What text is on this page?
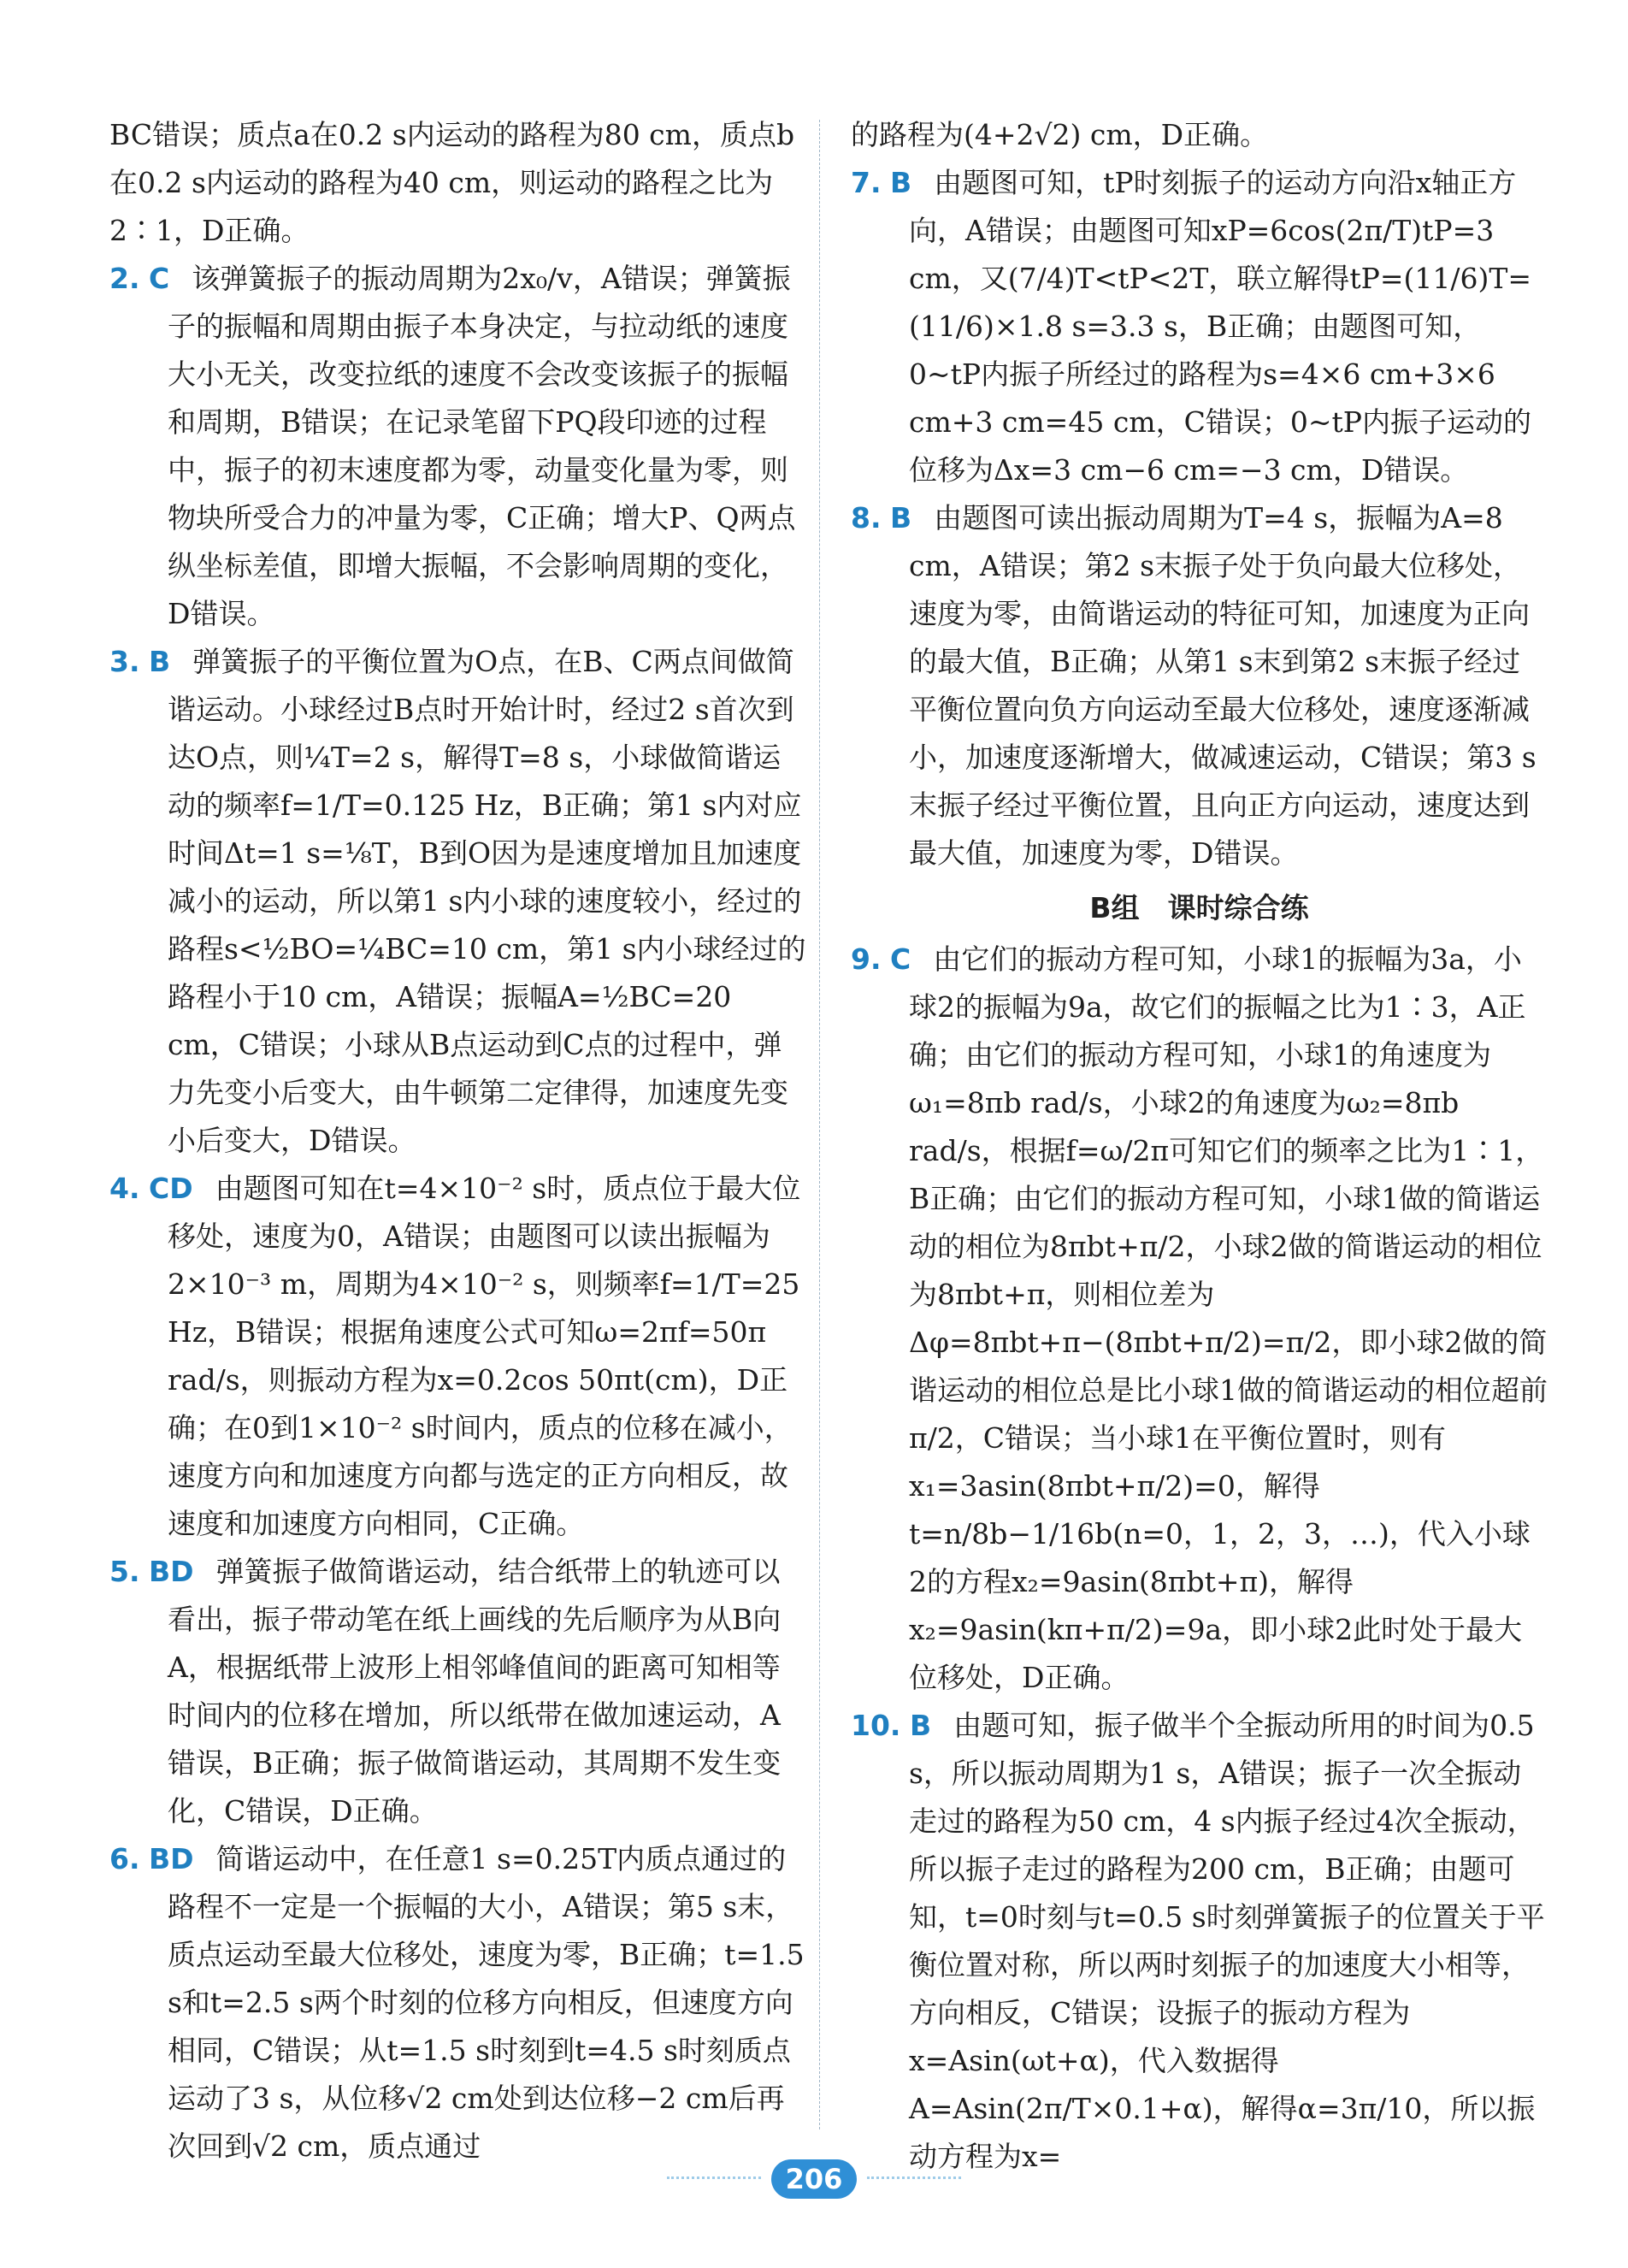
BC错误；质点a在0.2 s内运动的路程为80 cm，质点b在0.2 s内运动的路程为40 cm，则运动的路程之比为2∶1，D正确。

2. C 该弹簧振子的振动周期为2x₀/v，A错误；弹簧振子的振幅和周期由振子本身决定，与拉动纸的速度大小无关，改变拉纸的速度不会改变该振子的振幅和周期，B错误；在记录笔留下PQ段印迹的过程中，振子的初末速度都为零，动量变化量为零，则物块所受合力的冲量为零，C正确；增大P、Q两点纵坐标差值，即增大振幅，不会影响周期的变化，D错误。

3. B 弹簧振子的平衡位置为O点，在B、C两点间做简谐运动。小球经过B点时开始计时，经过2 s首次到达O点，则¼T=2 s，解得T=8 s，小球做简谐运动的频率f=1/T=0.125 Hz，B正确；第1 s内对应时间Δt=1 s=⅛T，B到O因为是速度增加且加速度减小的运动，所以第1 s内小球的速度较小，经过的路程s<½BO=¼BC=10 cm，第1 s内小球经过的路程小于10 cm，A错误；振幅A=½BC=20 cm，C错误；小球从B点运动到C点的过程中，弹力先变小后变大，由牛顿第二定律得，加速度先变小后变大，D错误。

4. CD 由题图可知在t=4×10⁻² s时，质点位于最大位移处，速度为0，A错误；由题图可以读出振幅为2×10⁻³ m，周期为4×10⁻² s，则频率f=1/T=25 Hz，B错误；根据角速度公式可知ω=2πf=50π rad/s，则振动方程为x=0.2cos 50πt(cm)，D正确；在0到1×10⁻² s时间内，质点的位移在减小，速度方向和加速度方向都与选定的正方向相反，故速度和加速度方向相同，C正确。

5. BD 弹簧振子做简谐运动，结合纸带上的轨迹可以看出，振子带动笔在纸上画线的先后顺序为从B向A，根据纸带上波形上相邻峰值间的距离可知相等时间内的位移在增加，所以纸带在做加速运动，A错误，B正确；振子做简谐运动，其周期不发生变化，C错误，D正确。

6. BD 简谐运动中，在任意1 s=0.25T内质点通过的路程不一定是一个振幅的大小，A错误；第5 s末，质点运动至最大位移处，速度为零，B正确；t=1.5 s和t=2.5 s两个时刻的位移方向相反，但速度方向相同，C错误；从t=1.5 s时刻到t=4.5 s时刻质点运动了3 s，从位移√2 cm处到达位移−2 cm后再次回到√2 cm，质点通过

的路程为(4+2√2) cm，D正确。

7. B 由题图可知，tP时刻振子的运动方向沿x轴正方向，A错误；由题图可知xP=6cos(2π/T)tP=3 cm，又(7/4)T<tP<2T，联立解得tP=(11/6)T=(11/6)×1.8 s=3.3 s，B正确；由题图可知，0~tP内振子所经过的路程为s=4×6 cm+3×6 cm+3 cm=45 cm，C错误；0~tP内振子运动的位移为Δx=3 cm−6 cm=−3 cm，D错误。

8. B 由题图可读出振动周期为T=4 s，振幅为A=8 cm，A错误；第2 s末振子处于负向最大位移处，速度为零，由简谐运动的特征可知，加速度为正向的最大值，B正确；从第1 s末到第2 s末振子经过平衡位置向负方向运动至最大位移处，速度逐渐减小，加速度逐渐增大，做减速运动，C错误；第3 s末振子经过平衡位置，且向正方向运动，速度达到最大值，加速度为零，D错误。

B组　课时综合练

9. C 由它们的振动方程可知，小球1的振幅为3a，小球2的振幅为9a，故它们的振幅之比为1∶3，A正确；由它们的振动方程可知，小球1的角速度为ω₁=8πb rad/s，小球2的角速度为ω₂=8πb rad/s，根据f=ω/2π可知它们的频率之比为1∶1，B正确；由它们的振动方程可知，小球1做的简谐运动的相位为8πbt+π/2，小球2做的简谐运动的相位为8πbt+π，则相位差为Δφ=8πbt+π−(8πbt+π/2)=π/2，即小球2做的简谐运动的相位总是比小球1做的简谐运动的相位超前π/2，C错误；当小球1在平衡位置时，则有x₁=3asin(8πbt+π/2)=0，解得t=n/8b−1/16b(n=0，1，2，3，…)，代入小球2的方程x₂=9asin(8πbt+π)，解得x₂=9asin(kπ+π/2)=9a，即小球2此时处于最大位移处，D正确。

10. B 由题可知，振子做半个全振动所用的时间为0.5 s，所以振动周期为1 s，A错误；振子一次全振动走过的路程为50 cm，4 s内振子经过4次全振动，所以振子走过的路程为200 cm，B正确；由题可知，t=0时刻与t=0.5 s时刻弹簧振子的位置关于平衡位置对称，所以两时刻振子的加速度大小相等，方向相反，C错误；设振子的振动方程为x=Asin(ωt+α)，代入数据得A=Asin(2π/T×0.1+α)，解得α=3π/10，所以振动方程为x=

206
